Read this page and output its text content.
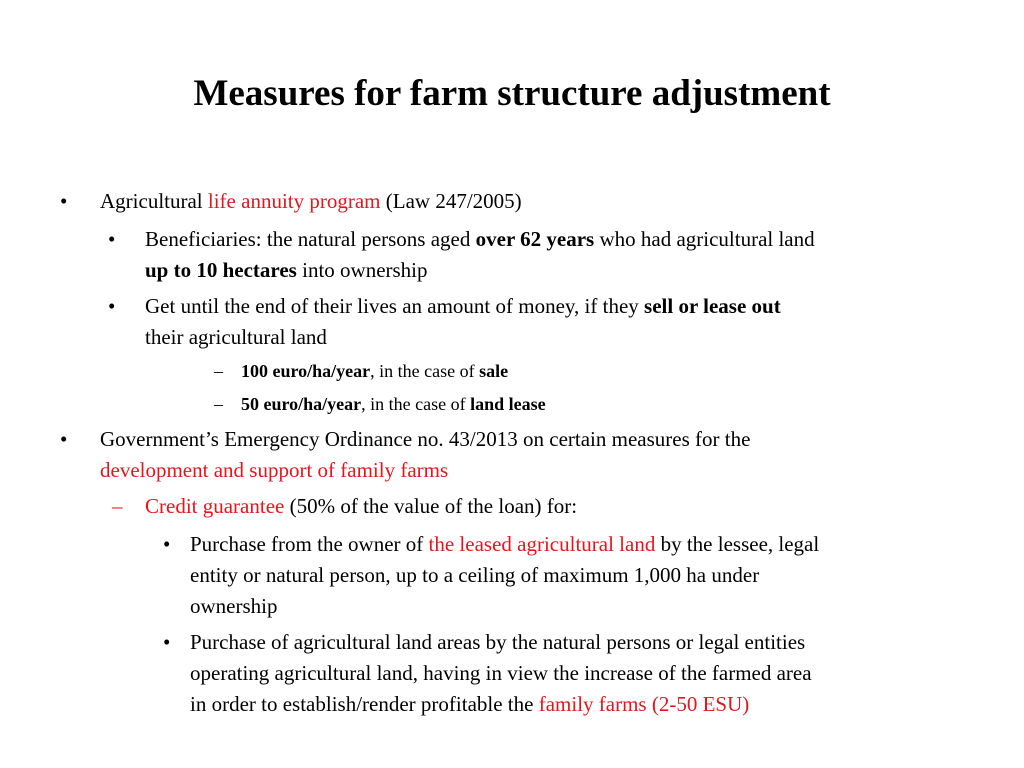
Measures for farm structure adjustment
• Agricultural life annuity program (Law 247/2005)
• Beneficiaries: the natural persons aged over 62 years who had agricultural land
up to 10 hectares into ownership
• Get until the end of their lives an amount of money, if they sell or lease out
their agricultural land
– 100 euro/ha/year, in the case of sale
– 50 euro/ha/year, in the case of land lease
• Government’s Emergency Ordinance no. 43/2013 on certain measures for the
development and support of family farms
– Credit guarantee (50% of the value of the loan) for:
• Purchase from the owner of the leased agricultural land by the lessee, legal
entity or natural person, up to a ceiling of maximum 1,000 ha under
ownership
• Purchase of agricultural land areas by the natural persons or legal entities
operating agricultural land, having in view the increase of the farmed area
in order to establish/render profitable the family farms (2-50 ESU)
